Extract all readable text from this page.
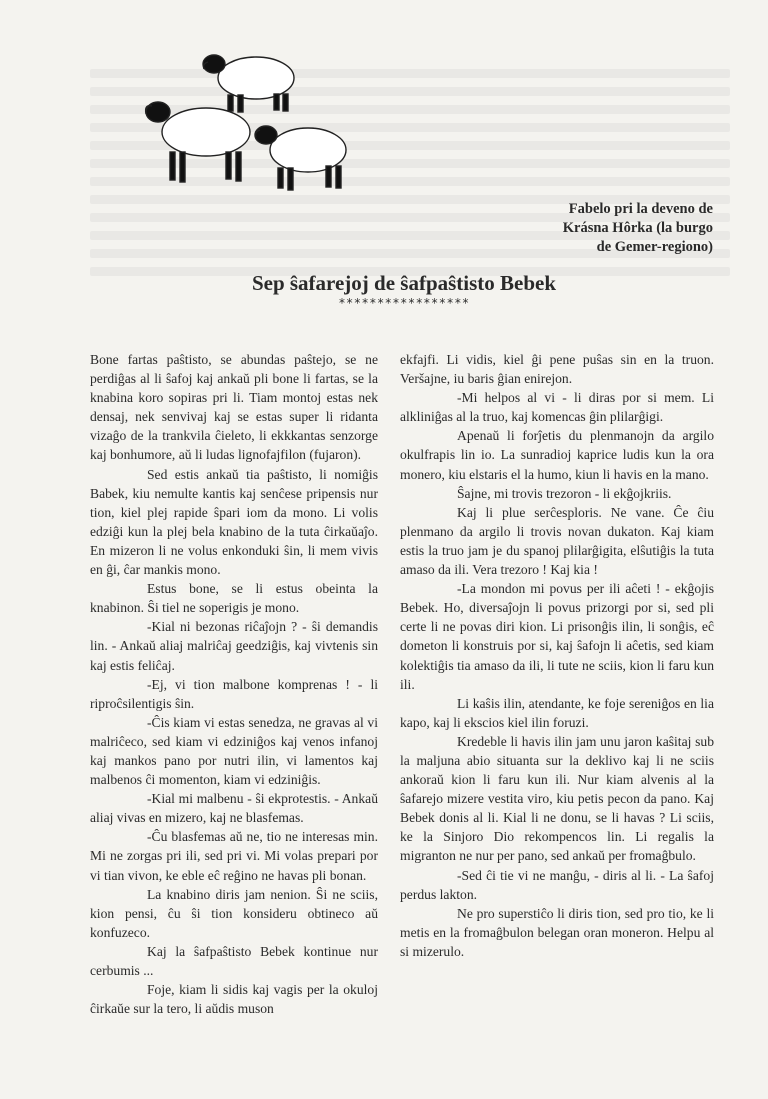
Fabelo pri la deveno de
Krásna Hôrka (la burgo
de Gemer-regiono)
Sep ŝafarejoj de ŝafpaŝtisto Bebek
*****************

Bone fartas paŝtisto, se abundas paŝtejo, se ne perdiĝas al li ŝafoj kaj ankaŭ pli bone li fartas, se la knabina koro sopiras pri li. Tiam montoj estas nek densaj, nek senvivaj kaj se estas super li ridanta vizaĝo de la trankvila ĉieleto, li ekkkantas senzorge kaj bonhumore, aŭ li ludas lignofajfilon (fujaron).

Sed estis ankaŭ tia paŝtisto, li nomiĝis Babek, kiu nemulte kantis kaj senĉese pripensis nur tion, kiel plej rapide ŝpari iom da mono. Li volis edziĝi kun la plej bela knabino de la tuta ĉirkaŭaĵo. En mizeron li ne volus enkonduki ŝin, li mem vivis en ĝi, ĉar mankis mono.

Estus bone, se li estus obeinta la knabinon. Ŝi tiel ne soperigis je mono.

-Kial ni bezonas riĉaĵojn ? - ŝi demandis lin. - Ankaŭ aliaj malriĉaj geedziĝis, kaj vivtenis sin kaj estis feliĉaj.

-Ej, vi tion malbone komprenas ! - li riproĉsilentigis ŝin.

-Ĉis kiam vi estas senedza, ne gravas al vi malriĉeco, sed kiam vi edziniĝos kaj venos infanoj kaj mankos pano por nutri ilin, vi lamentos kaj malbenos ĉi momenton, kiam vi edziniĝis.

-Kial mi malbenu - ŝi ekprotestis. - Ankaŭ aliaj vivas en mizero, kaj ne blasfemas.

-Ĉu blasfemas aŭ ne, tio ne interesas min. Mi ne zorgas pri ili, sed pri vi. Mi volas prepari por vi tian vivon, ke eble eĉ reĝino ne havas pli bonan.

La knabino diris jam nenion. Ŝi ne sciis, kion pensi, ĉu ŝi tion konsideru obtineco aŭ konfuzeco.

Kaj la ŝafpaŝtisto Bebek kontinue nur cerbumis ...

Foje, kiam li sidis kaj vagis per la okuloj ĉirkaŭe sur la tero, li aŭdis muson

ekfajfi. Li vidis, kiel ĝi pene puŝas sin en la truon. Veršajne, iu baris ĝian enirejon.

-Mi helpos al vi - li diras por si mem. Li alkliniĝas al la truo, kaj komencas ĝin plilarĝigi.

Apenaŭ li forĵetis du plenmanojn da argilo okulfrapis lin io. La sunradioj kaprice ludis kun la ora monero, kiu elstaris el la humo, kiun li havis en la mano.

Ŝajne, mi trovis trezoron - li ekĝojkriis.

Kaj li plue serĉesploris. Ne vane. Ĉe ĉiu plenmano da argilo li trovis novan dukaton. Kaj kiam estis la truo jam je du spanoj plilarĝigita, elŝutiĝis la tuta amaso da ili. Vera trezoro ! Kaj kia !

-La mondon mi povus per ili aĉeti ! - ekĝojis Bebek. Ho, diversaĵojn li povus prizorgi por si, sed pli certe li ne povas diri kion. Li prisonĝis ilin, li sonĝis, eĉ dometon li konstruis por si, kaj ŝafojn li aĉetis, sed kiam kolektiĝis tia amaso da ili, li tute ne sciis, kion li faru kun ili.

Li kaŝis ilin, atendante, ke foje sereniĝos en lia kapo, kaj li ekscios kiel ilin foruzi.

Kredeble li havis ilin jam unu jaron kaŝitaj sub la maljuna abio situanta sur la deklivo kaj li ne sciis ankoraŭ kion li faru kun ili. Nur kiam alvenis al la ŝafarejo mizere vestita viro, kiu petis pecon da pano. Kaj Bebek donis al li. Kial li ne donu, se li havas ? Li sciis, ke la Sinjoro Dio rekompencos lin. Li regalis la migranton ne nur per pano, sed ankaŭ per fromaĝbulo.

-Sed ĉi tie vi ne manĝu, - diris al li. - La ŝafoj perdus lakton.

Ne pro superstiĉo li diris tion, sed pro tio, ke li metis en la fromaĝbulon belegan oran moneron. Helpu al si mizerulo.
